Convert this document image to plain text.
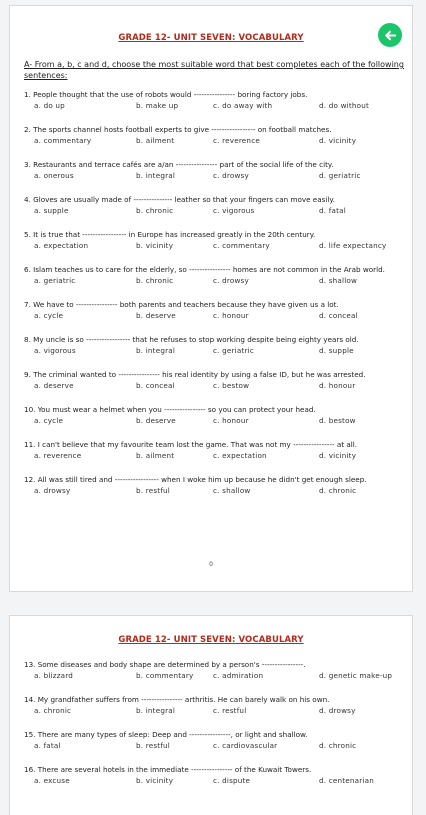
GRADE 12- UNIT SEVEN: VOCABULARY
A- From a, b, c and d, choose the most suitable word that best completes each of the following sentences:
1. People thought that the use of robots would ---------------- boring factory jobs.
a. do up	b. make up	c. do away with	d. do without
2. The sports channel hosts football experts to give ----------------- on football matches.
a. commentary	b. ailment	c. reverence	d. vicinity
3. Restaurants and terrace cafés are a/an ---------------- part of the social life of the city.
a. onerous	b. integral	c. drowsy	d. geriatric
4. Gloves are usually made of --------------- leather so that your fingers can move easily.
a. supple	b. chronic	c. vigorous	d. fatal
5. It is true that ----------------- in Europe has increased greatly in the 20th century.
a. expectation	b. vicinity	c. commentary	d. life expectancy
6. Islam teaches us to care for the elderly, so ---------------- homes are not common in the Arab world.
a. geriatric	b. chronic	c. drowsy	d. shallow
7. We have to ---------------- both parents and teachers because they have given us a lot.
a. cycle	b. deserve	c. honour	d. conceal
8. My uncle is so ----------------- that he refuses to stop working despite being eighty years old.
a. vigorous	b. integral	c. geriatric	d. supple
9. The criminal wanted to ---------------- his real identity by using a false ID, but he was arrested.
a. deserve	b. conceal	c. bestow	d. honour
10. You must wear a helmet when you ---------------- so you can protect your head.
a. cycle	b. deserve	c. honour	d. bestow
11. I can't believe that my favourite team lost the game. That was not my ---------------- at all.
a. reverence	b. ailment	c. expectation	d. vicinity
12. All was still tired and ----------------- when I woke him up because he didn't get enough sleep.
a. drowsy	b. restful	c. shallow	d. chronic
0
GRADE 12- UNIT SEVEN: VOCABULARY
13. Some diseases and body shape are determined by a person's ----------------.
a. blizzard	b. commentary	c. admiration	d. genetic make-up
14. My grandfather suffers from ---------------- arthritis. He can barely walk on his own.
a. chronic	b. integral	c. restful	d. drowsy
15. There are many types of sleep: Deep and ----------------, or light and shallow.
a. fatal	b. restful	c. cardiovascular	d. chronic
16. There are several hotels in the immediate ---------------- of the Kuwait Towers.
a. excuse	b. vicinity	c. dispute	d. centenarian
